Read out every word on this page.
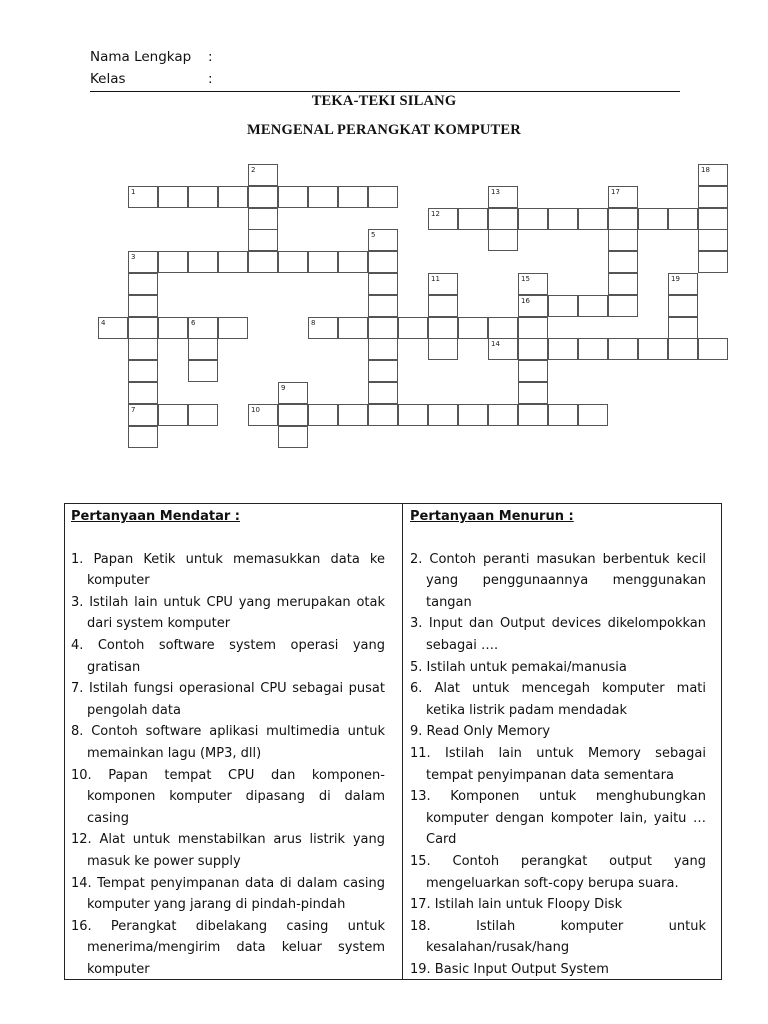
Nama Lengkap :
Kelas	:
TEKA-TEKI SILANG
MENGENAL PERANGKAT KOMPUTER
1
2
3
4
5
6
7
8
9
10
11
12
13
14
15
16
17
18
19
Pertanyaan Mendatar :
1. Papan Ketik untuk memasukkan data ke komputer
3. Istilah lain untuk CPU yang merupakan otak dari system komputer
4. Contoh software system operasi yang gratisan
7. Istilah fungsi operasional CPU sebagai pusat pengolah data
8. Contoh software aplikasi multimedia untuk memainkan lagu (MP3, dll)
10. Papan tempat CPU dan komponen-komponen komputer dipasang di dalam casing
12. Alat untuk menstabilkan arus listrik yang masuk ke power supply
14. Tempat penyimpanan data di dalam casing komputer yang jarang di pindah-pindah
16. Perangkat dibelakang casing untuk menerima/mengirim data keluar system komputer
Pertanyaan Menurun :
2. Contoh peranti masukan berbentuk kecil yang penggunaannya menggunakan tangan
3. Input dan Output devices dikelompokkan sebagai ….
5. Istilah untuk pemakai/manusia
6. Alat untuk mencegah komputer mati ketika listrik padam mendadak
9. Read Only Memory
11. Istilah lain untuk Memory sebagai tempat penyimpanan data sementara
13. Komponen untuk menghubungkan komputer dengan kompoter lain, yaitu … Card
15. Contoh perangkat output yang mengeluarkan soft-copy berupa suara.
17. Istilah lain untuk Floopy Disk
18. Istilah komputer untuk kesalahan/rusak/hang
19. Basic Input Output System
